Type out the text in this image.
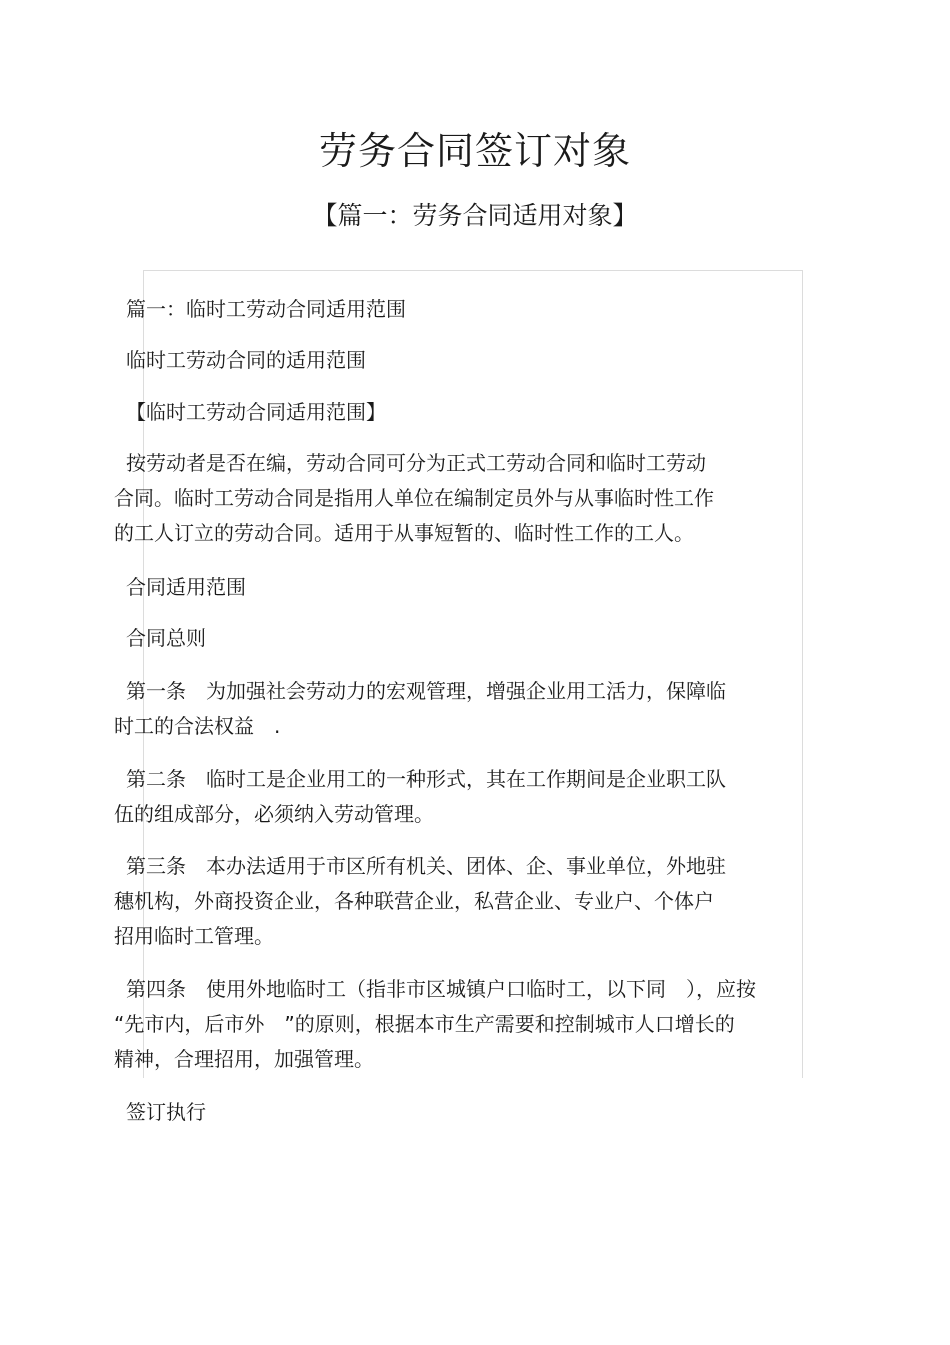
劳务合同签订对象
【篇一：劳务合同适用对象】
篇一：临时工劳动合同适用范围
临时工劳动合同的适用范围
【临时工劳动合同适用范围】
按劳动者是否在编，劳动合同可分为正式工劳动合同和临时工劳动
合同。临时工劳动合同是指用人单位在编制定员外与从事临时性工作
的工人订立的劳动合同。适用于从事短暂的、临时性工作的工人。
合同适用范围
合同总则
第一条　为加强社会劳动力的宏观管理，增强企业用工活力，保障临
时工的合法权益　.
第二条　临时工是企业用工的一种形式，其在工作期间是企业职工队
伍的组成部分，必须纳入劳动管理。
第三条　本办法适用于市区所有机关、团体、企、事业单位，外地驻
穗机构，外商投资企业，各种联营企业，私营企业、专业户、个体户
招用临时工管理。
第四条　使用外地临时工（指非市区城镇户口临时工，以下同　），应按
“先市内，后市外　”的原则，根据本市生产需要和控制城市人口增长的
精神，合理招用，加强管理。
签订执行
